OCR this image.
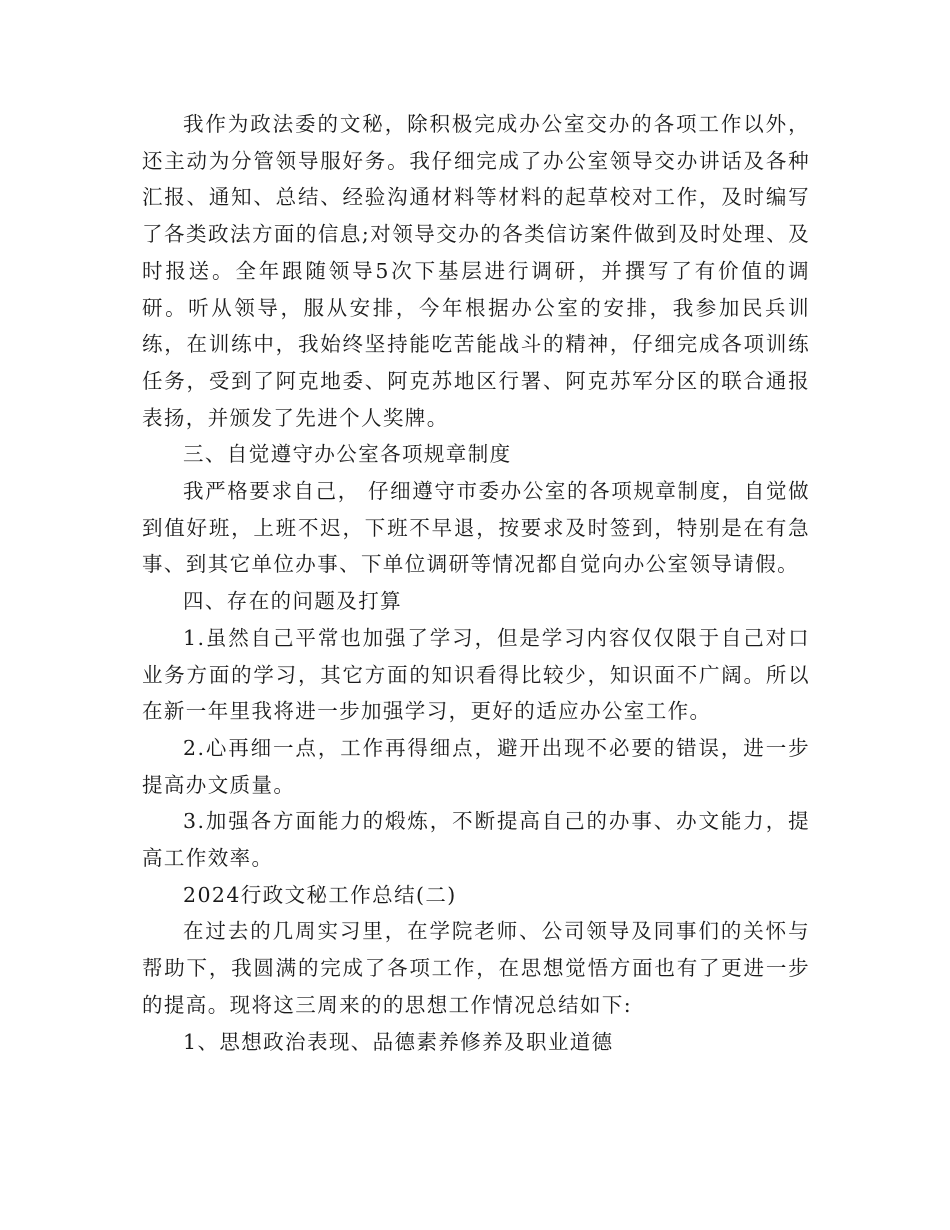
我作为政法委的文秘，除积极完成办公室交办的各项工作以外，还主动为分管领导服好务。我仔细完成了办公室领导交办讲话及各种汇报、通知、总结、经验沟通材料等材料的起草校对工作，及时编写了各类政法方面的信息;对领导交办的各类信访案件做到及时处理、及时报送。全年跟随领导5次下基层进行调研，并撰写了有价值的调研。听从领导，服从安排，今年根据办公室的安排，我参加民兵训练，在训练中，我始终坚持能吃苦能战斗的精神，仔细完成各项训练任务，受到了阿克地委、阿克苏地区行署、阿克苏军分区的联合通报表扬，并颁发了先进个人奖牌。

三、自觉遵守办公室各项规章制度

我严格要求自己， 仔细遵守市委办公室的各项规章制度，自觉做到值好班，上班不迟，下班不早退，按要求及时签到，特别是在有急事、到其它单位办事、下单位调研等情况都自觉向办公室领导请假。

四、存在的问题及打算

1.虽然自己平常也加强了学习，但是学习内容仅仅限于自己对口业务方面的学习，其它方面的知识看得比较少，知识面不广阔。所以在新一年里我将进一步加强学习，更好的适应办公室工作。

2.心再细一点，工作再得细点，避开出现不必要的错误，进一步提高办文质量。

3.加强各方面能力的煅炼，不断提高自己的办事、办文能力，提高工作效率。

2024行政文秘工作总结(二)

在过去的几周实习里，在学院老师、公司领导及同事们的关怀与帮助下，我圆满的完成了各项工作，在思想觉悟方面也有了更进一步的提高。现将这三周来的的思想工作情况总结如下:

1、思想政治表现、品德素养修养及职业道德
